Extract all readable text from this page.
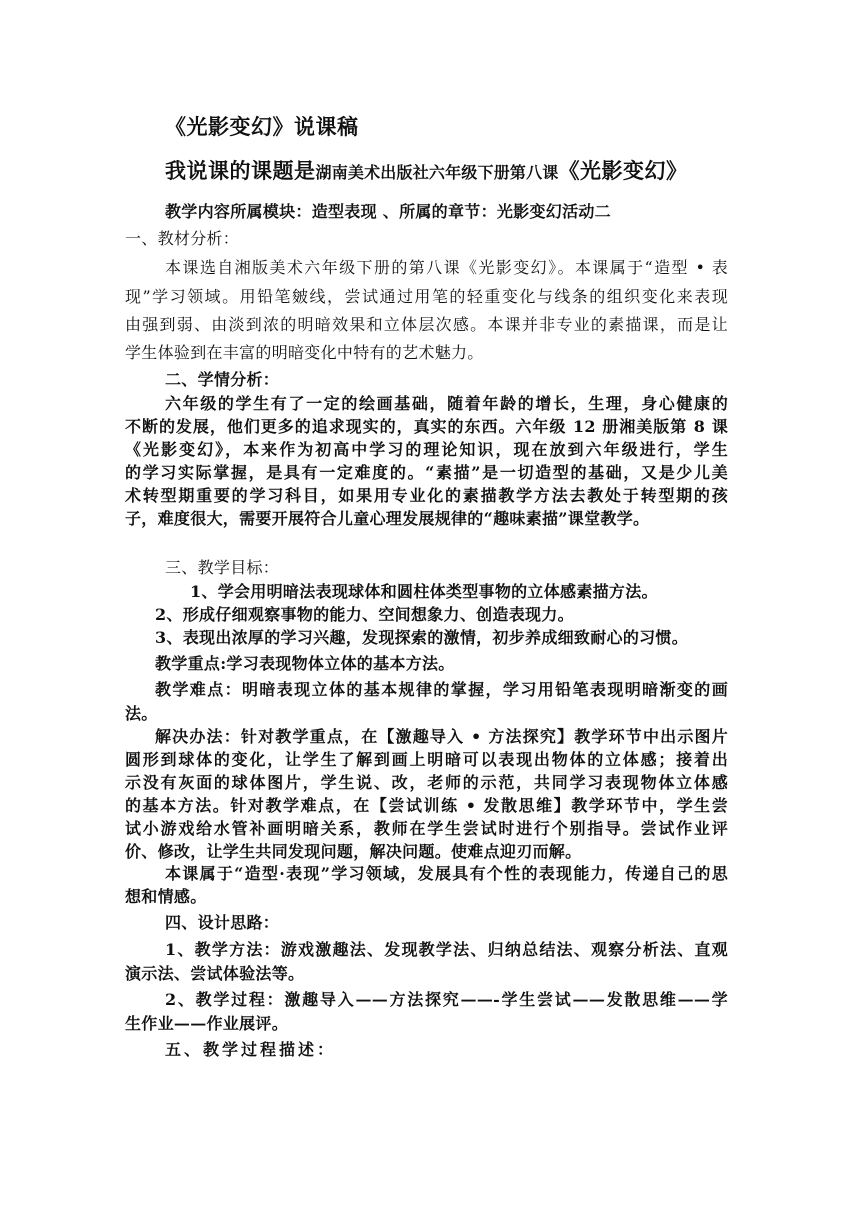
《光影变幻》说课稿
我说课的课题是湖南美术出版社六年级下册第八课《光影变幻》
教学内容所属模块：造型表现 、所属的章节：光影变幻活动二
一、教材分析：
本课选自湘版美术六年级下册的第八课《光影变幻》。本课属于“造型 • 表
现”学习领域。用铅笔皴线，尝试通过用笔的轻重变化与线条的组织变化来表现
由强到弱、由淡到浓的明暗效果和立体层次感。本课并非专业的素描课，而是让
学生体验到在丰富的明暗变化中特有的艺术魅力。
二、学情分析：
六年级的学生有了一定的绘画基础，随着年龄的增长，生理，身心健康的
不断的发展，他们更多的追求现实的，真实的东西。六年级 12 册湘美版第 8 课
《光影变幻》，本来作为初高中学习的理论知识，现在放到六年级进行，学生
的学习实际掌握，是具有一定难度的。“素描”是一切造型的基础，又是少儿美
术转型期重要的学习科目，如果用专业化的素描教学方法去教处于转型期的孩
子，难度很大，需要开展符合儿童心理发展规律的“趣味素描”课堂教学。
三、教学目标：
1、学会用明暗法表现球体和圆柱体类型事物的立体感素描方法。
2、形成仔细观察事物的能力、空间想象力、创造表现力。
3、表现出浓厚的学习兴趣，发现探索的激情，初步养成细致耐心的习惯。
教学重点:学习表现物体立体的基本方法。
教学难点：明暗表现立体的基本规律的掌握，学习用铅笔表现明暗渐变的画
法。
解决办法：针对教学重点，在【激趣导入 • 方法探究】教学环节中出示图片
圆形到球体的变化，让学生了解到画上明暗可以表现出物体的立体感；接着出
示没有灰面的球体图片，学生说、改，老师的示范，共同学习表现物体立体感
的基本方法。针对教学难点，在【尝试训练 • 发散思维】教学环节中，学生尝
试小游戏给水管补画明暗关系，教师在学生尝试时进行个别指导。尝试作业评
价、修改，让学生共同发现问题，解决问题。使难点迎刃而解。
本课属于“造型·表现”学习领域，发展具有个性的表现能力，传递自己的思
想和情感。
四、设计思路：
1、教学方法：游戏激趣法、发现教学法、归纳总结法、观察分析法、直观
演示法、尝试体验法等。
2、教学过程：激趣导入——方法探究——-学生尝试——发散思维——学
生作业——作业展评。
五、教学过程描述：
